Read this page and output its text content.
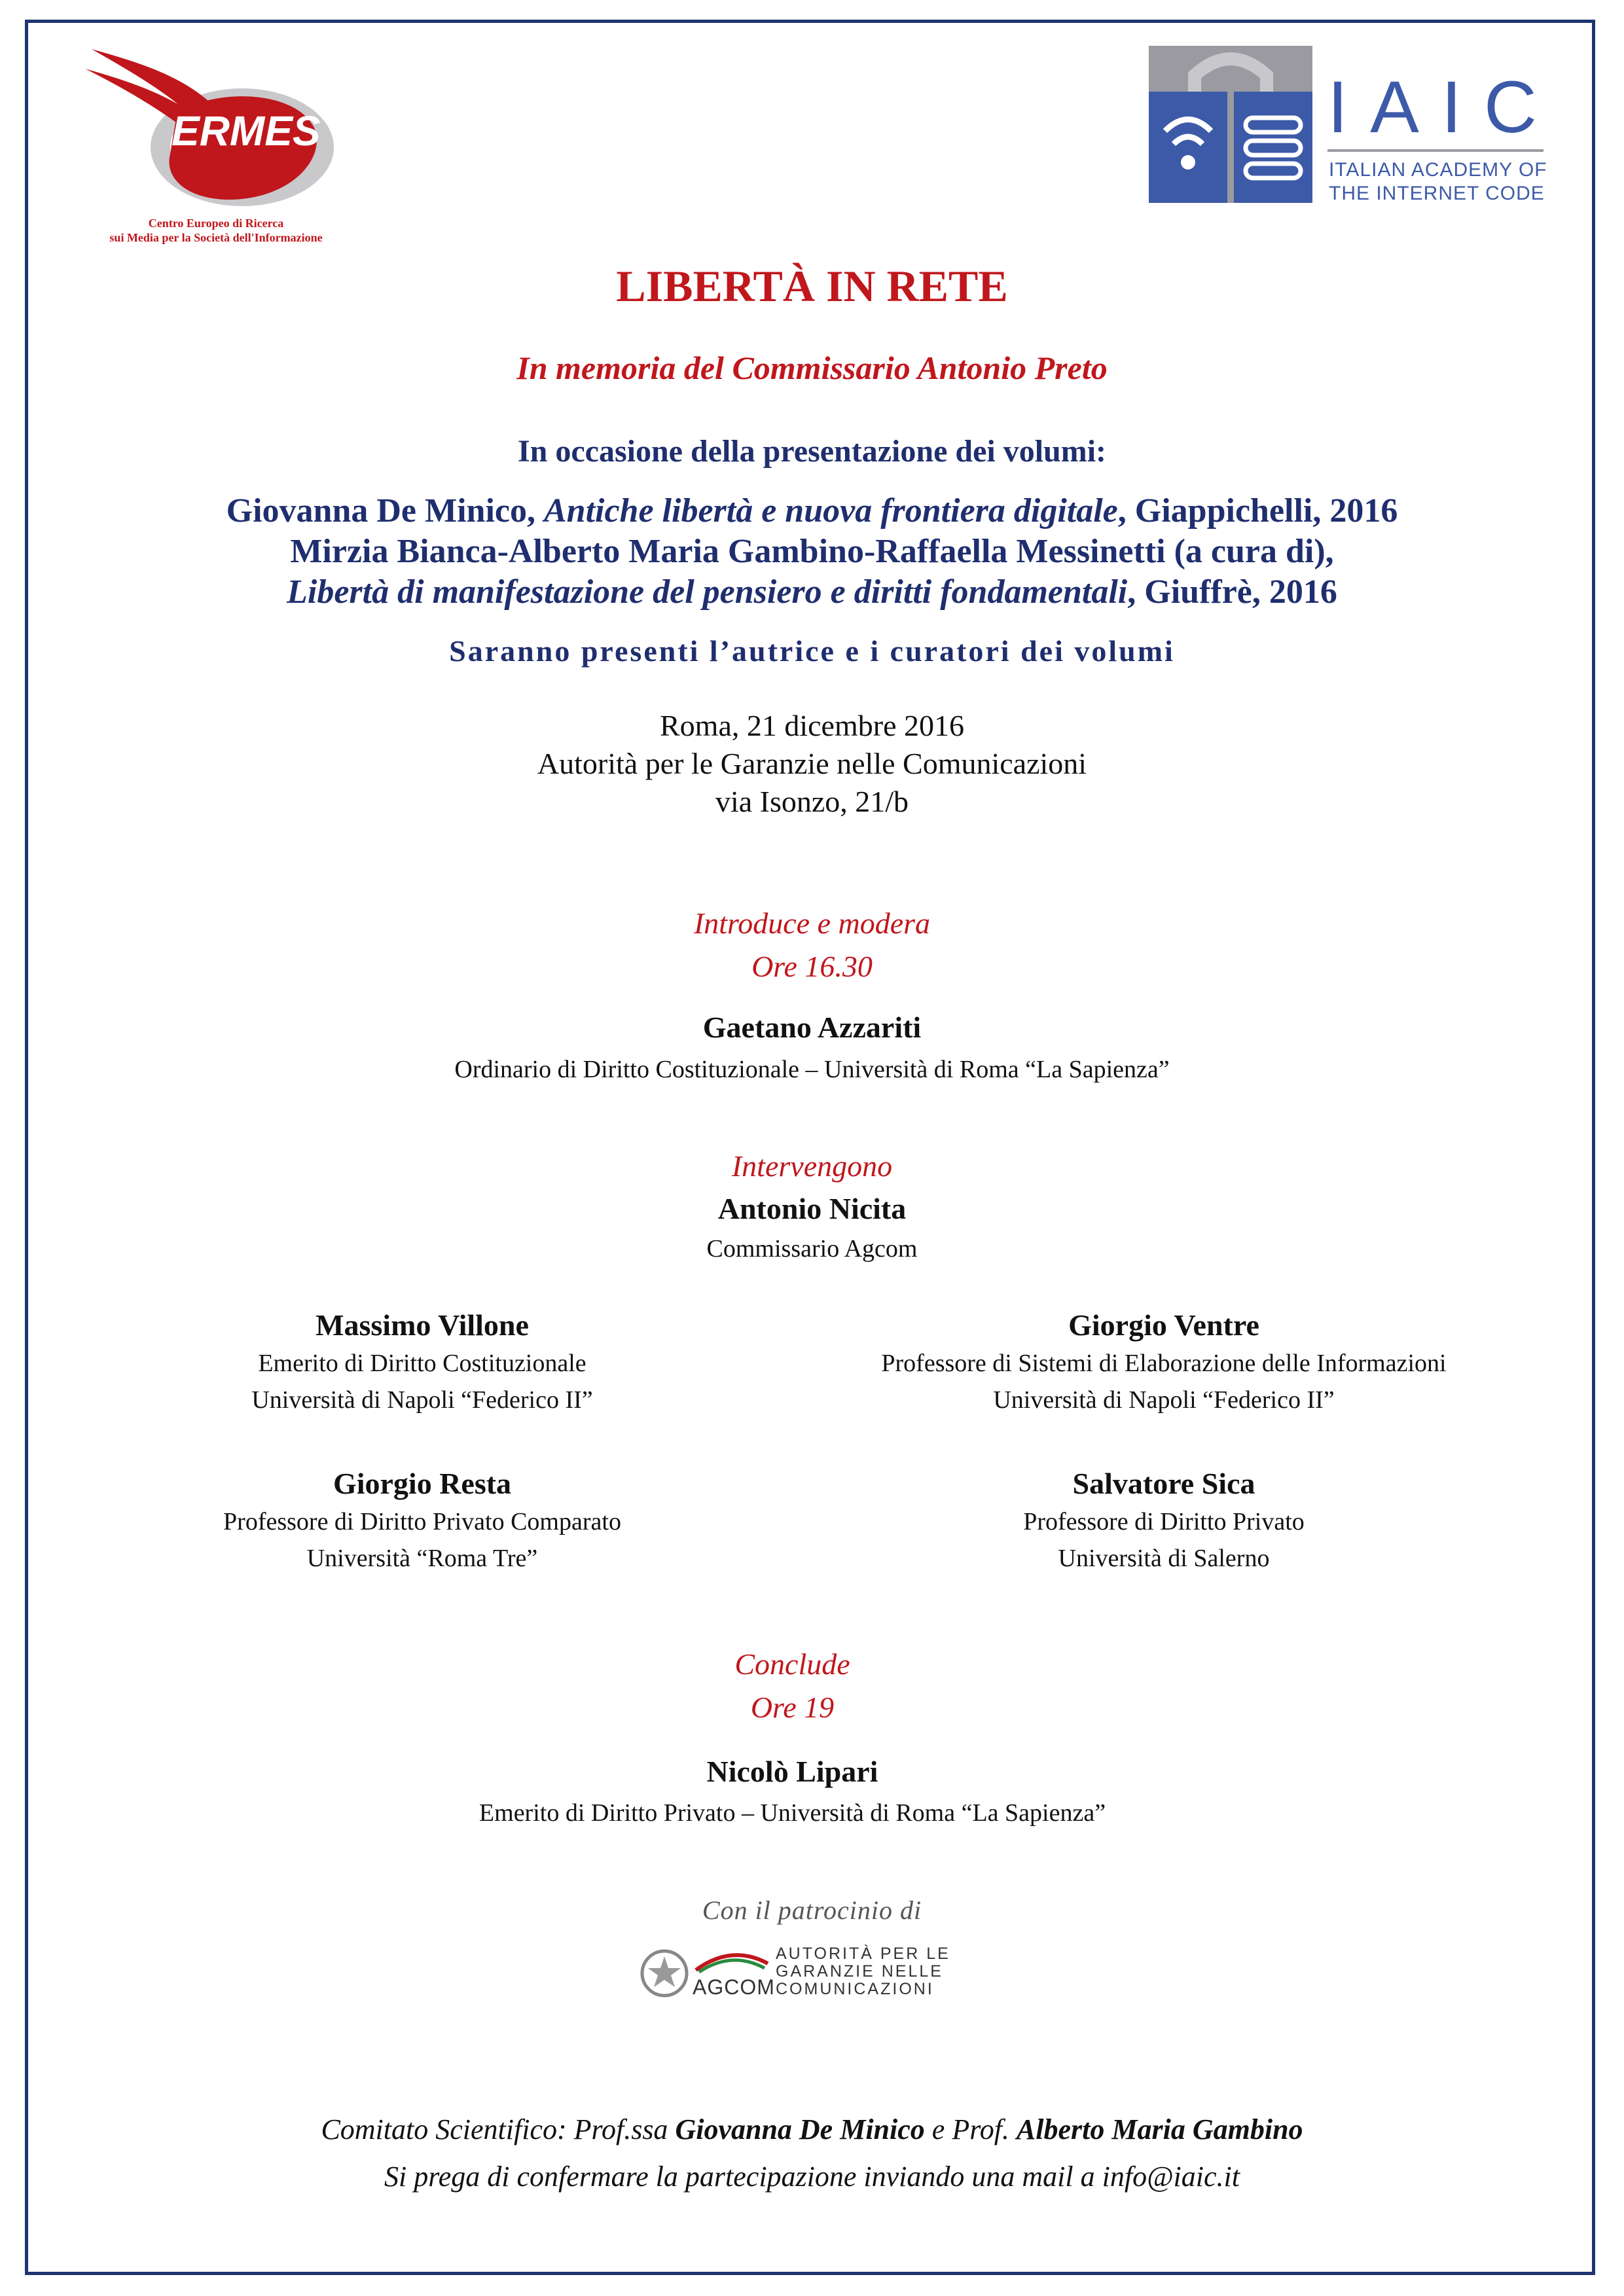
ERMES
Centro Europeo di Ricerca
sui Media per la Società dell'Informazione
IAIC
ITALIAN ACADEMY OF
THE INTERNET CODE
LIBERTÀ IN RETE
In memoria del Commissario Antonio Preto
In occasione della presentazione dei volumi:
Giovanna De Minico, Antiche libertà e nuova frontiera digitale, Giappichelli, 2016
Mirzia Bianca-Alberto Maria Gambino-Raffaella Messinetti (a cura di),
Libertà di manifestazione del pensiero e diritti fondamentali, Giuffrè, 2016
Saranno presenti l’autrice e i curatori dei volumi
Roma, 21 dicembre 2016
Autorità per le Garanzie nelle Comunicazioni
via Isonzo, 21/b
Introduce e modera
Ore 16.30
Gaetano Azzariti
Ordinario di Diritto Costituzionale – Università di Roma “La Sapienza”
Intervengono
Antonio Nicita
Commissario Agcom
Massimo Villone
Emerito di Diritto Costituzionale
Università di Napoli “Federico II”
Giorgio Ventre
Professore di Sistemi di Elaborazione delle Informazioni
Università di Napoli “Federico II”
Giorgio Resta
Professore di Diritto Privato Comparato
Università “Roma Tre”
Salvatore Sica
Professore di Diritto Privato
Università di Salerno
Conclude
Ore 19
Nicolò Lipari
Emerito di Diritto Privato – Università di Roma “La Sapienza”
Con il patrocinio di
AGCOM
AUTORITÀ PER LE
GARANZIE NELLE
COMUNICAZIONI
Comitato Scientifico: Prof.ssa Giovanna De Minico e Prof. Alberto Maria Gambino
Si prega di confermare la partecipazione inviando una mail a info@iaic.it
